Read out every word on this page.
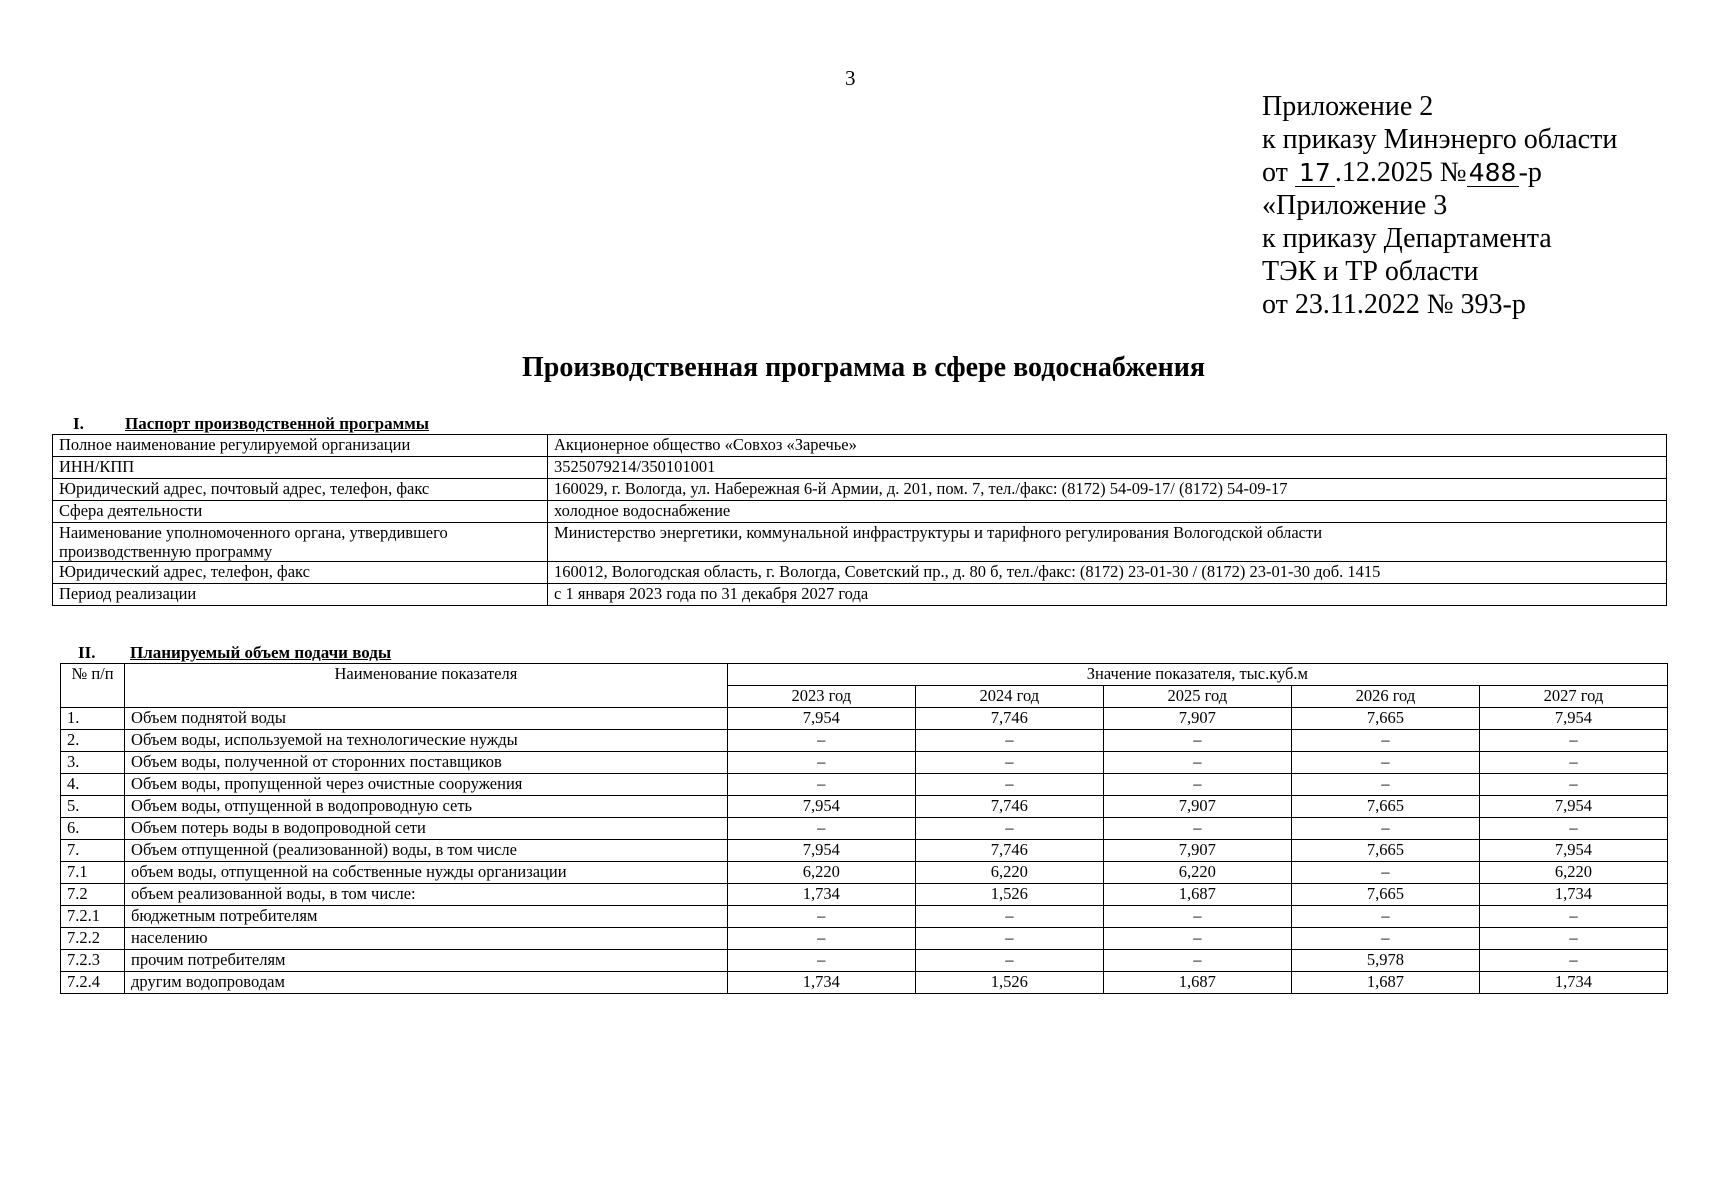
3
Приложение 2
к приказу Минэнерго области
от 17 .12.2025 №488-р
«Приложение 3
к приказу Департамента
ТЭК и ТР области
от 23.11.2022 № 393-р
Производственная программа в сфере водоснабжения
I. Паспорт производственной программы
Полное наименование регулируемой организации	Акционерное общество «Совхоз «Заречье»
ИНН/КПП	3525079214/350101001
Юридический адрес, почтовый адрес, телефон, факс	160029, г. Вологда, ул. Набережная 6-й Армии, д. 201, пом. 7, тел./факс: (8172) 54-09-17/ (8172) 54-09-17
Сфера деятельности	холодное водоснабжение
Наименование уполномоченного органа, утвердившего производственную программу	Министерство энергетики, коммунальной инфраструктуры и тарифного регулирования Вологодской области
Юридический адрес, телефон, факс	160012, Вологодская область, г. Вологда, Советский пр., д. 80 б, тел./факс: (8172) 23-01-30 / (8172) 23-01-30 доб. 1415
Период реализации	с 1 января 2023 года по 31 декабря 2027 года
II. Планируемый объем подачи воды
№ п/п	Наименование показателя	Значение показателя, тыс.куб.м				
		2023 год	2024 год	2025 год	2026 год	2027 год
1.	Объем поднятой воды	7,954	7,746	7,907	7,665	7,954
2.	Объем воды, используемой на технологические нужды	–	–	–	–	–
3.	Объем воды, полученной от сторонних поставщиков	–	–	–	–	–
4.	Объем воды, пропущенной через очистные сооружения	–	–	–	–	–
5.	Объем воды, отпущенной в водопроводную сеть	7,954	7,746	7,907	7,665	7,954
6.	Объем потерь воды в водопроводной сети	–	–	–	–	–
7.	Объем отпущенной (реализованной) воды, в том числе	7,954	7,746	7,907	7,665	7,954
7.1	объем воды, отпущенной на собственные нужды организации	6,220	6,220	6,220	–	6,220
7.2	объем реализованной воды, в том числе:	1,734	1,526	1,687	7,665	1,734
7.2.1	бюджетным потребителям	–	–	–	–	–
7.2.2	населению	–	–	–	–	–
7.2.3	прочим потребителям	–	–	–	5,978	–
7.2.4	другим водопроводам	1,734	1,526	1,687	1,687	1,734
